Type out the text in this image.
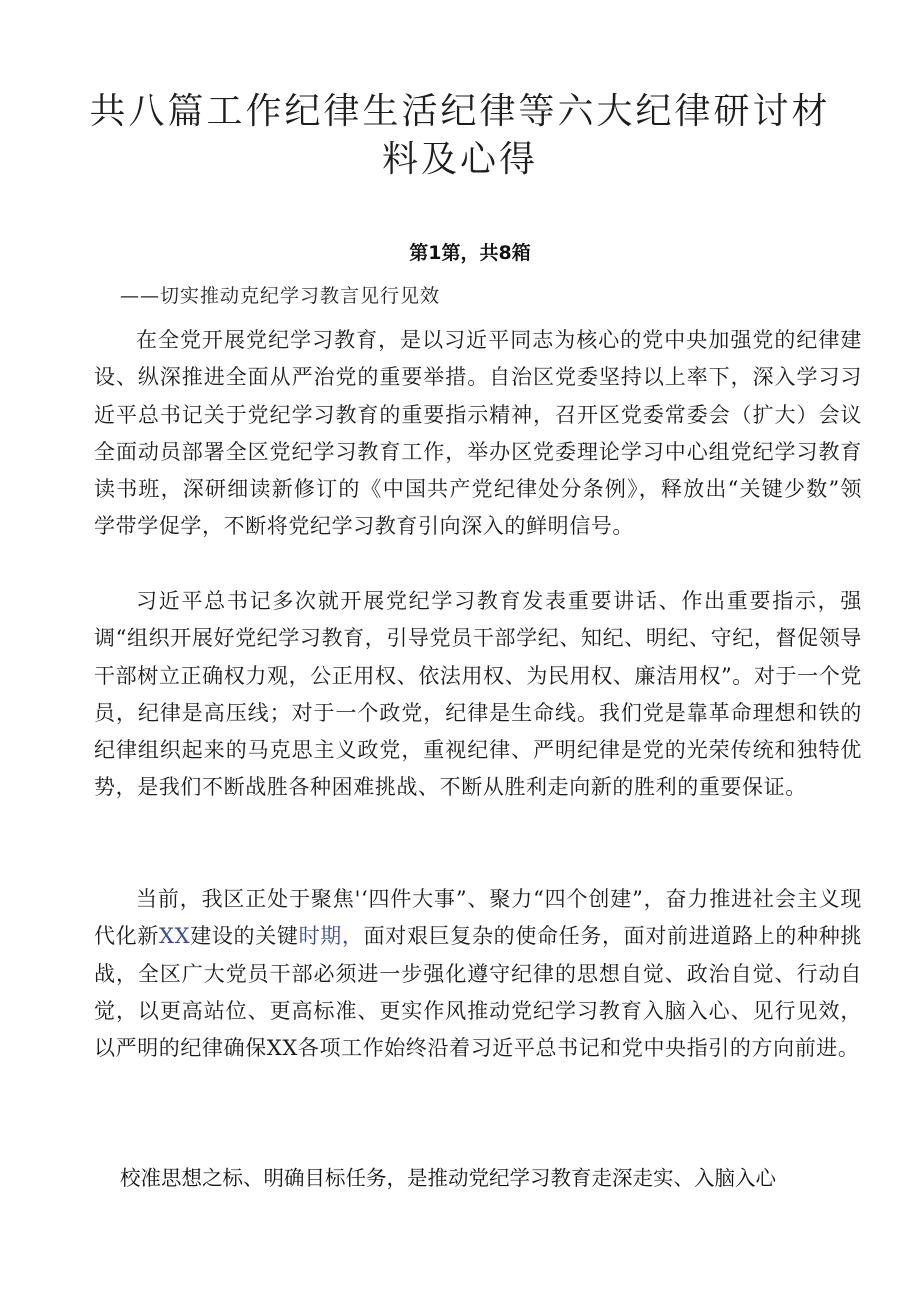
共八篇工作纪律生活纪律等六大纪律研讨材料及心得
第1第，共8箱
——切实推动克纪学习教言见行见效

在全党开展党纪学习教育，是以习近平同志为核心的党中央加强党的纪律建设、纵深推进全面从严治党的重要举措。自治区党委坚持以上率下，深入学习习近平总书记关于党纪学习教育的重要指示精神，召开区党委常委会（扩大）会议全面动员部署全区党纪学习教育工作，举办区党委理论学习中心组党纪学习教育读书班，深研细读新修订的《中国共产党纪律处分条例》，释放出“关键少数”领学带学促学，不断将党纪学习教育引向深入的鲜明信号。

习近平总书记多次就开展党纪学习教育发表重要讲话、作出重要指示，强调“组织开展好党纪学习教育，引导党员干部学纪、知纪、明纪、守纪，督促领导干部树立正确权力观，公正用权、依法用权、为民用权、廉洁用权”。对于一个党员，纪律是高压线；对于一个政党，纪律是生命线。我们党是靠革命理想和铁的纪律组织起来的马克思主义政党，重视纪律、严明纪律是党的光荣传统和独特优势，是我们不断战胜各种困难挑战、不断从胜利走向新的胜利的重要保证。

当前，我区正处于聚焦'‘四件大事”、聚力“四个创建”，奋力推进社会主义现代化新XX建设的关键时期，面对艰巨复杂的使命任务，面对前进道路上的种种挑战，全区广大党员干部必须进一步强化遵守纪律的思想自觉、政治自觉、行动自觉，以更高站位、更高标准、更实作风推动党纪学习教育入脑入心、见行见效，以严明的纪律确保XX各项工作始终沿着习近平总书记和党中央指引的方向前进。

校准思想之标、明确目标任务，是推动党纪学习教育走深走实、入脑入心
